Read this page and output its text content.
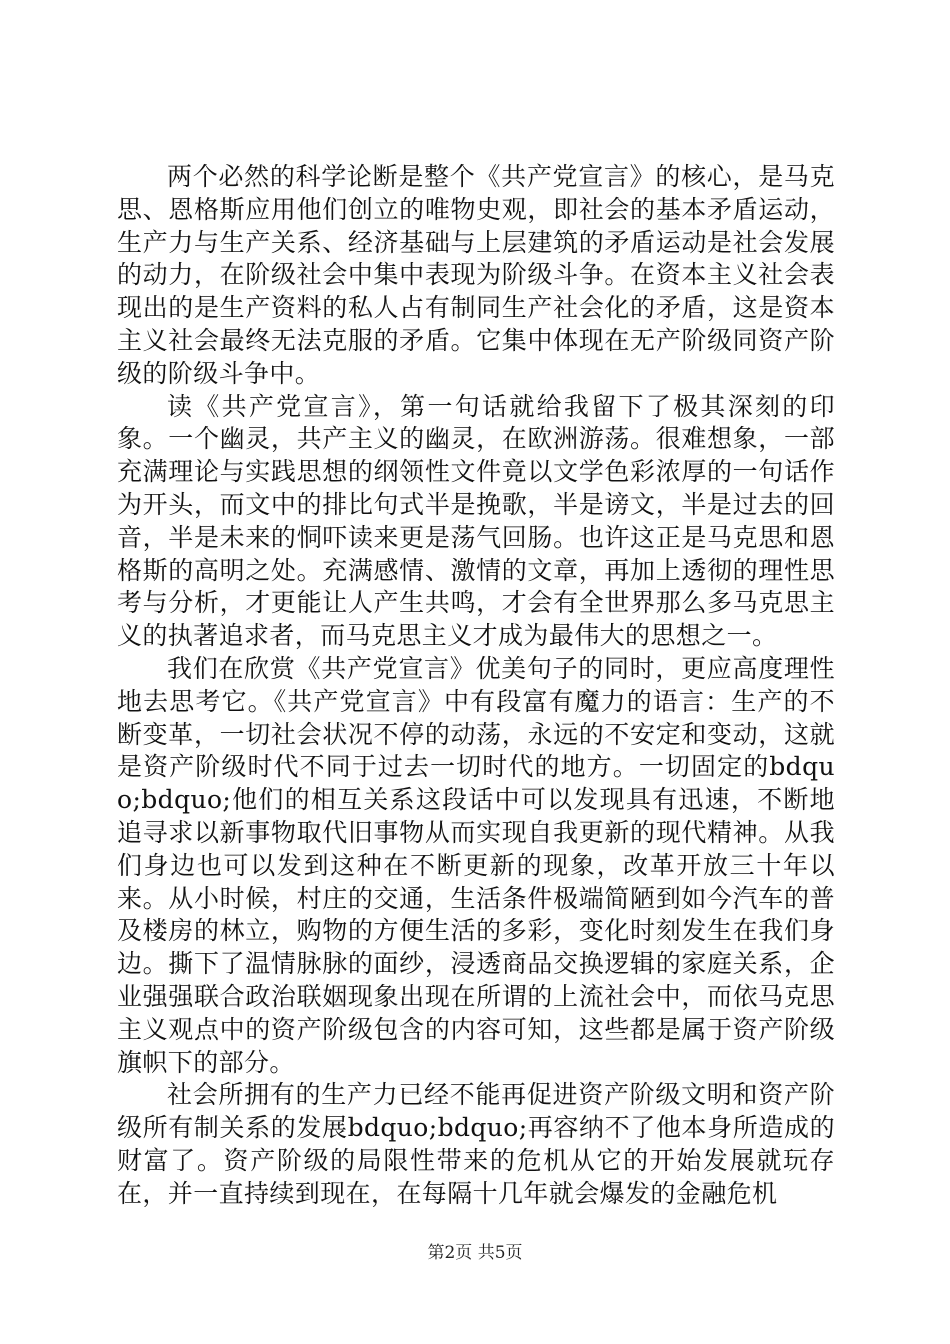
两个必然的科学论断是整个《共产党宣言》的核心，是马克思、恩格斯应用他们创立的唯物史观，即社会的基本矛盾运动，生产力与生产关系、经济基础与上层建筑的矛盾运动是社会发展的动力，在阶级社会中集中表现为阶级斗争。在资本主义社会表现出的是生产资料的私人占有制同生产社会化的矛盾，这是资本主义社会最终无法克服的矛盾。它集中体现在无产阶级同资产阶级的阶级斗争中。

读《共产党宣言》，第一句话就给我留下了极其深刻的印象。一个幽灵，共产主义的幽灵，在欧洲游荡。很难想象，一部充满理论与实践思想的纲领性文件竟以文学色彩浓厚的一句话作为开头，而文中的排比句式半是挽歌，半是谤文，半是过去的回音，半是未来的恫吓读来更是荡气回肠。也许这正是马克思和恩格斯的高明之处。充满感情、激情的文章，再加上透彻的理性思考与分析，才更能让人产生共鸣，才会有全世界那么多马克思主义的执著追求者，而马克思主义才成为最伟大的思想之一。

我们在欣赏《共产党宣言》优美句子的同时，更应高度理性地去思考它。《共产党宣言》中有段富有魔力的语言：生产的不断变革，一切社会状况不停的动荡，永远的不安定和变动，这就是资产阶级时代不同于过去一切时代的地方。一切固定的bdquo;bdquo;他们的相互关系这段话中可以发现具有迅速，不断地追寻求以新事物取代旧事物从而实现自我更新的现代精神。从我们身边也可以发到这种在不断更新的现象，改革开放三十年以来。从小时候，村庄的交通，生活条件极端简陋到如今汽车的普及楼房的林立，购物的方便生活的多彩，变化时刻发生在我们身边。撕下了温情脉脉的面纱，浸透商品交换逻辑的家庭关系，企业强强联合政治联姻现象出现在所谓的上流社会中，而依马克思主义观点中的资产阶级包含的内容可知，这些都是属于资产阶级旗帜下的部分。

社会所拥有的生产力已经不能再促进资产阶级文明和资产阶级所有制关系的发展bdquo;bdquo;再容纳不了他本身所造成的财富了。资产阶级的局限性带来的危机从它的开始发展就玩存在，并一直持续到现在，在每隔十几年就会爆发的金融危机

第2页 共5页
